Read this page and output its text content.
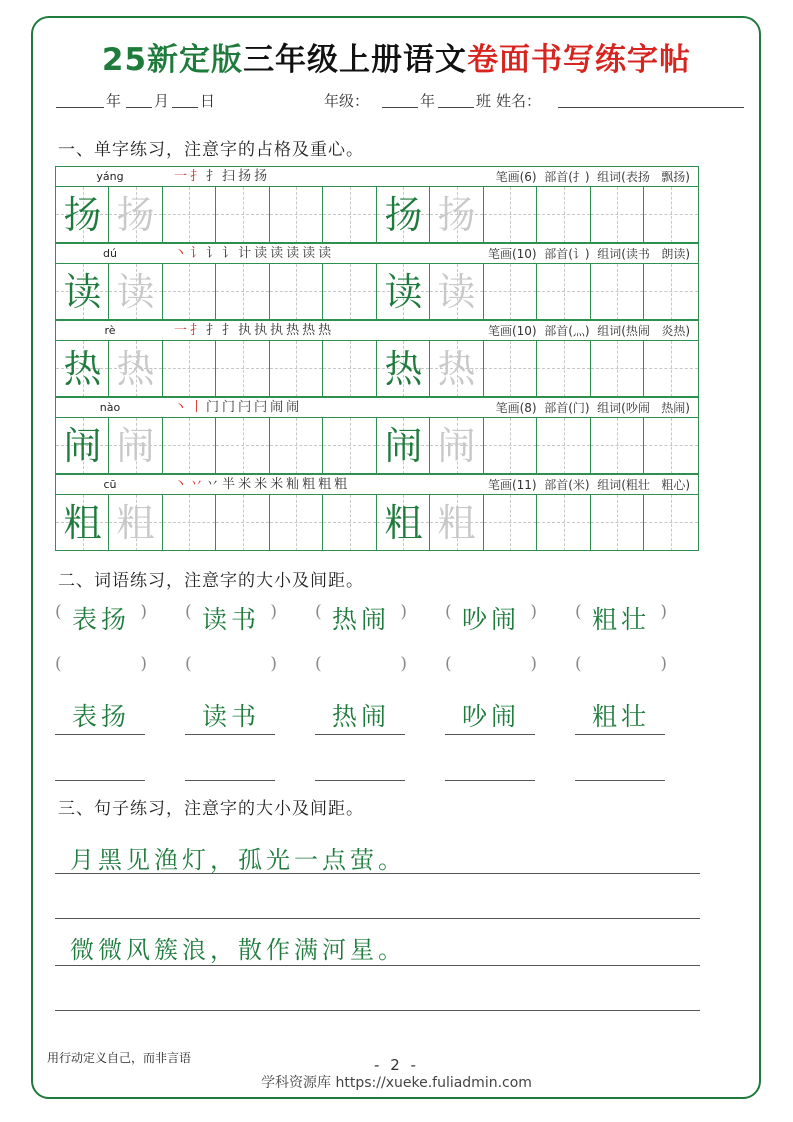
25新定版三年级上册语文卷面书写练字帖
年 月 日	年级：	年	班 姓名：
一、单字练习，注意字的占格及重心。
yáng	一扌扌扫扬扬	笔画(6)  部首(扌)  组词(表扬   飘扬)
扬 扬	扬 扬
dú	丶讠讠讠计读读读读读	笔画(10)  部首(讠)  组词(读书   朗读)
读 读	读 读
rè	一扌扌扌执执执热热热	笔画(10)  部首(灬)  组词(热闹   炎热)
热 热	热 热
nào	丶丨门门闩闩闹闹	笔画(8)  部首(门)  组词(吵闹   热闹)
闹 闹	闹 闹
cū	丶丷丷半米米米籼粗粗粗	笔画(11)  部首(米)  组词(粗壮   粗心)
粗 粗	粗 粗
二、词语练习，注意字的大小及间距。
( 表扬 )
(	)
表扬
( 读书 )
(	)
读书
( 热闹 )
(	)
热闹
( 吵闹 )
(	)
吵闹
( 粗壮 )
(	)
粗壮
三、句子练习，注意字的大小及间距。
月黑见渔灯，孤光一点萤。
微微风簇浪，散作满河星。
用行动定义自己，而非言语	- 2 -
学科资源库 https://xueke.fuliadmin.com
